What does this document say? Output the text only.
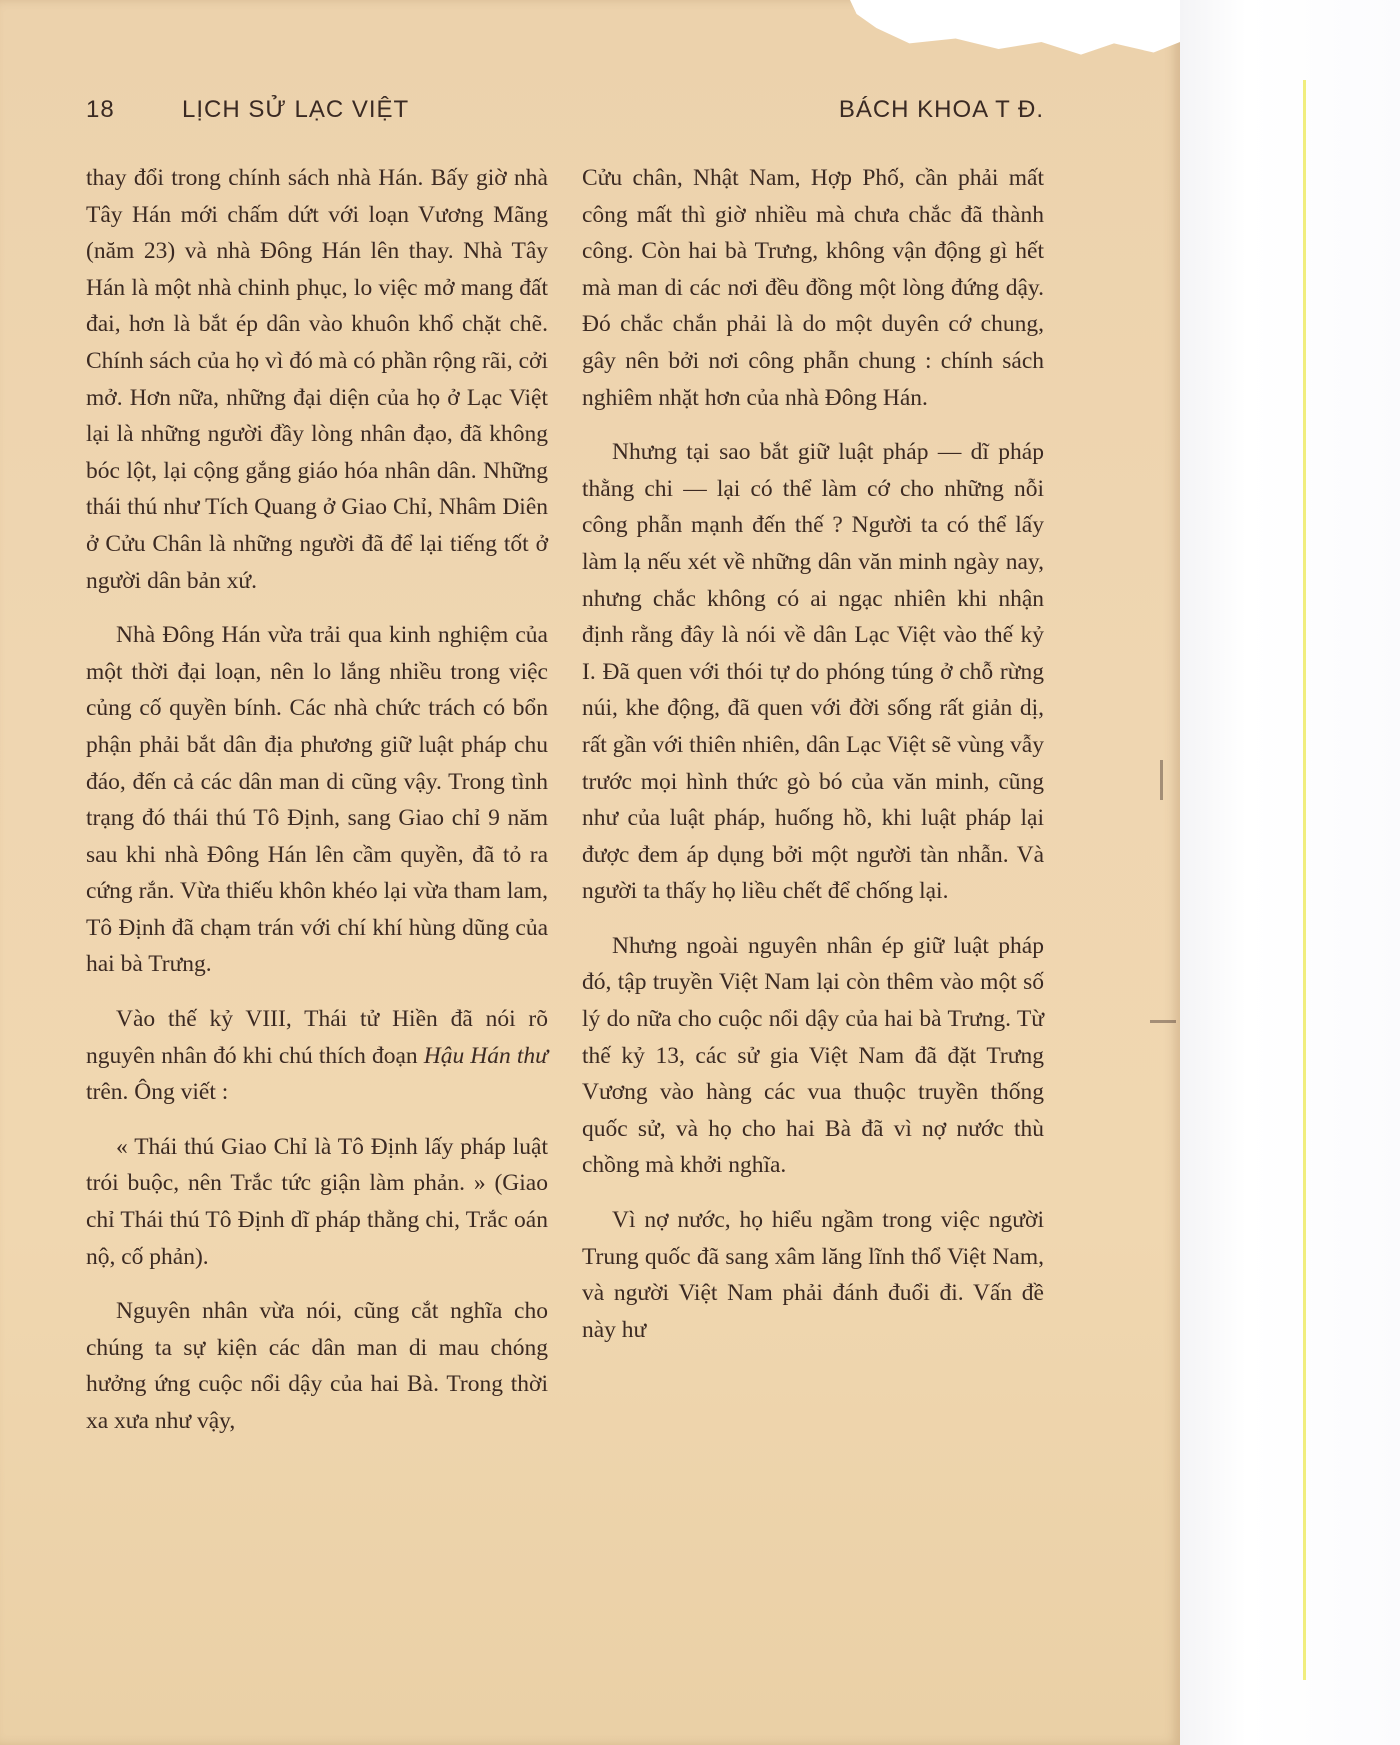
18	LỊCH SỬ LẠC VIỆT	BÁCH KHOA T Đ.

thay đổi trong chính sách nhà Hán. Bấy giờ nhà Tây Hán mới chấm dứt với loạn Vương Mãng (năm 23) và nhà Đông Hán lên thay. Nhà Tây Hán là một nhà chinh phục, lo việc mở mang đất đai, hơn là bắt ép dân vào khuôn khổ chặt chẽ. Chính sách của họ vì đó mà có phần rộng rãi, cởi mở. Hơn nữa, những đại diện của họ ở Lạc Việt lại là những người đầy lòng nhân đạo, đã không bóc lột, lại cộng gắng giáo hóa nhân dân. Những thái thú như Tích Quang ở Giao Chỉ, Nhâm Diên ở Cửu Chân là những người đã để lại tiếng tốt ở người dân bản xứ.

Nhà Đông Hán vừa trải qua kinh nghiệm của một thời đại loạn, nên lo lắng nhiều trong việc củng cố quyền bính. Các nhà chức trách có bổn phận phải bắt dân địa phương giữ luật pháp chu đáo, đến cả các dân man di cũng vậy. Trong tình trạng đó thái thú Tô Định, sang Giao chỉ 9 năm sau khi nhà Đông Hán lên cầm quyền, đã tỏ ra cứng rắn. Vừa thiếu khôn khéo lại vừa tham lam, Tô Định đã chạm trán với chí khí hùng dũng của hai bà Trưng.

Vào thế kỷ VIII, Thái tử Hiền đã nói rõ nguyên nhân đó khi chú thích đoạn Hậu Hán thư trên. Ông viết :

« Thái thú Giao Chỉ là Tô Định lấy pháp luật trói buộc, nên Trắc tức giận làm phản. » (Giao chỉ Thái thú Tô Định dĩ pháp thằng chi, Trắc oán nộ, cố phản).

Nguyên nhân vừa nói, cũng cắt nghĩa cho chúng ta sự kiện các dân man di mau chóng hưởng ứng cuộc nổi dậy của hai Bà. Trong thời xa xưa như vậy,

Cửu chân, Nhật Nam, Hợp Phố, cần phải mất công mất thì giờ nhiều mà chưa chắc đã thành công. Còn hai bà Trưng, không vận động gì hết mà man di các nơi đều đồng một lòng đứng dậy. Đó chắc chắn phải là do một duyên cớ chung, gây nên bởi nơi công phẫn chung : chính sách nghiêm nhặt hơn của nhà Đông Hán.

Nhưng tại sao bắt giữ luật pháp — dĩ pháp thằng chi — lại có thể làm cớ cho những nỗi công phẫn mạnh đến thế ? Người ta có thể lấy làm lạ nếu xét về những dân văn minh ngày nay, nhưng chắc không có ai ngạc nhiên khi nhận định rằng đây là nói về dân Lạc Việt vào thế kỷ I. Đã quen với thói tự do phóng túng ở chỗ rừng núi, khe động, đã quen với đời sống rất giản dị, rất gần với thiên nhiên, dân Lạc Việt sẽ vùng vẫy trước mọi hình thức gò bó của văn minh, cũng như của luật pháp, huống hồ, khi luật pháp lại được đem áp dụng bởi một người tàn nhẫn. Và người ta thấy họ liều chết để chống lại.

Nhưng ngoài nguyên nhân ép giữ luật pháp đó, tập truyền Việt Nam lại còn thêm vào một số lý do nữa cho cuộc nổi dậy của hai bà Trưng. Từ thế kỷ 13, các sử gia Việt Nam đã đặt Trưng Vương vào hàng các vua thuộc truyền thống quốc sử, và họ cho hai Bà đã vì nợ nước thù chồng mà khởi nghĩa.

Vì nợ nước, họ hiểu ngầm trong việc người Trung quốc đã sang xâm lăng lĩnh thổ Việt Nam, và người Việt Nam phải đánh đuổi đi. Vấn đề này hư
